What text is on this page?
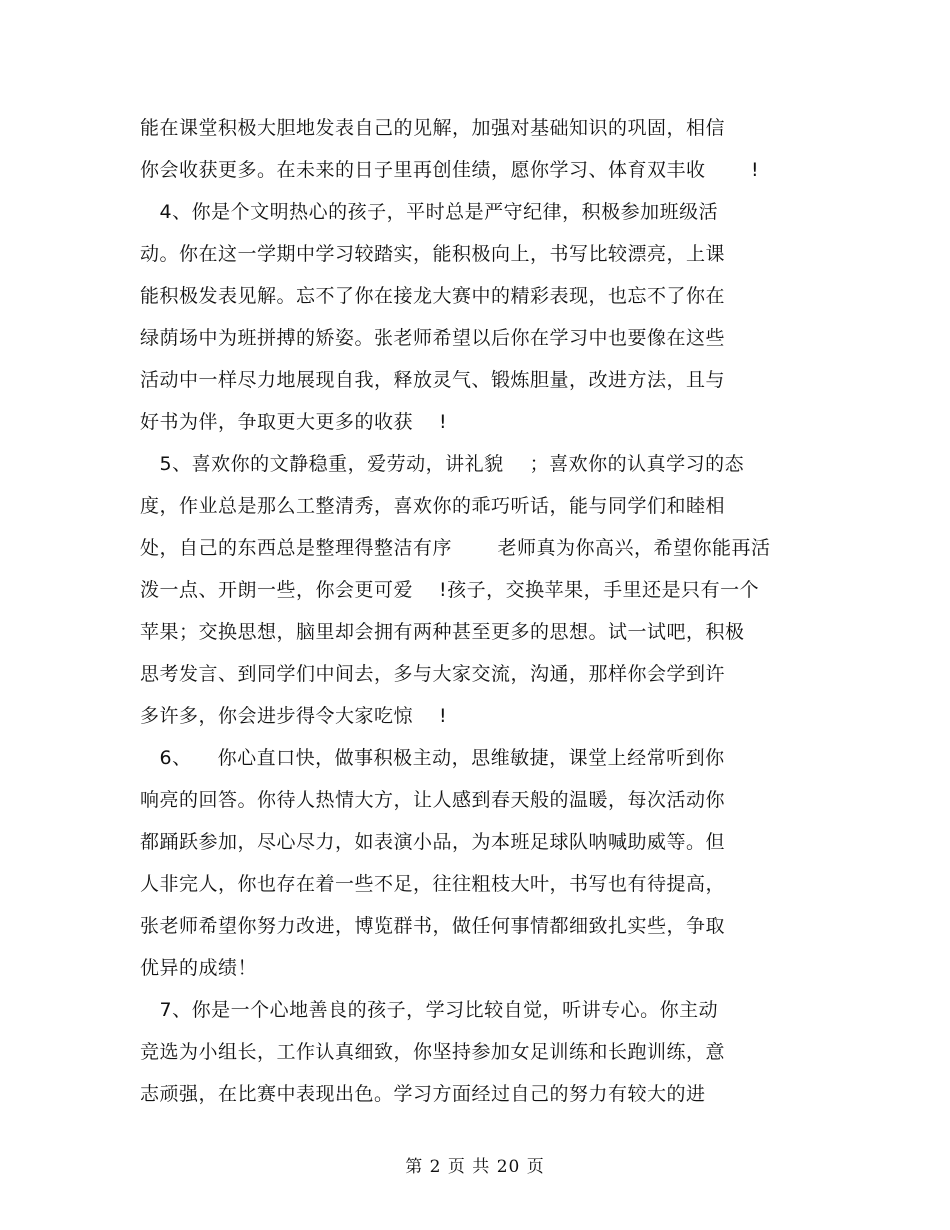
能在课堂积极大胆地发表自己的见解，加强对基础知识的巩固，相信
你会收获更多。在未来的日子里再创佳绩，愿你学习、体育双丰收 　　!
　4、你是个文明热心的孩子，平时总是严守纪律，积极参加班级活
动。你在这一学期中学习较踏实，能积极向上，书写比较漂亮，上课
能积极发表见解。忘不了你在接龙大赛中的精彩表现，也忘不了你在
绿荫场中为班拼搏的矫姿。张老师希望以后你在学习中也要像在这些
活动中一样尽力地展现自我，释放灵气、锻炼胆量，改进方法，且与
好书为伴，争取更大更多的收获 　!
　5、喜欢你的文静稳重，爱劳动，讲礼貌 　；喜欢你的认真学习的态
度，作业总是那么工整清秀，喜欢你的乖巧听话，能与同学们和睦相
处，自己的东西总是整理得整洁有序 　　老师真为你高兴，希望你能再活
泼一点、开朗一些，你会更可爱 　!孩子，交换苹果，手里还是只有一个
苹果；交换思想，脑里却会拥有两种甚至更多的思想。试一试吧，积极
思考发言、到同学们中间去，多与大家交流，沟通，那样你会学到许
多许多，你会进步得令大家吃惊 　!
　6、 　你心直口快，做事积极主动，思维敏捷，课堂上经常听到你
响亮的回答。你待人热情大方，让人感到春天般的温暖，每次活动你
都踊跃参加，尽心尽力，如表演小品，为本班足球队呐喊助威等。但
人非完人，你也存在着一些不足，往往粗枝大叶，书写也有待提高，
张老师希望你努力改进，博览群书，做任何事情都细致扎实些，争取
优异的成绩！
　7、你是一个心地善良的孩子，学习比较自觉，听讲专心。你主动
竞选为小组长，工作认真细致，你坚持参加女足训练和长跑训练，意
志顽强，在比赛中表现出色。学习方面经过自己的努力有较大的进
第 2 页 共 20 页
